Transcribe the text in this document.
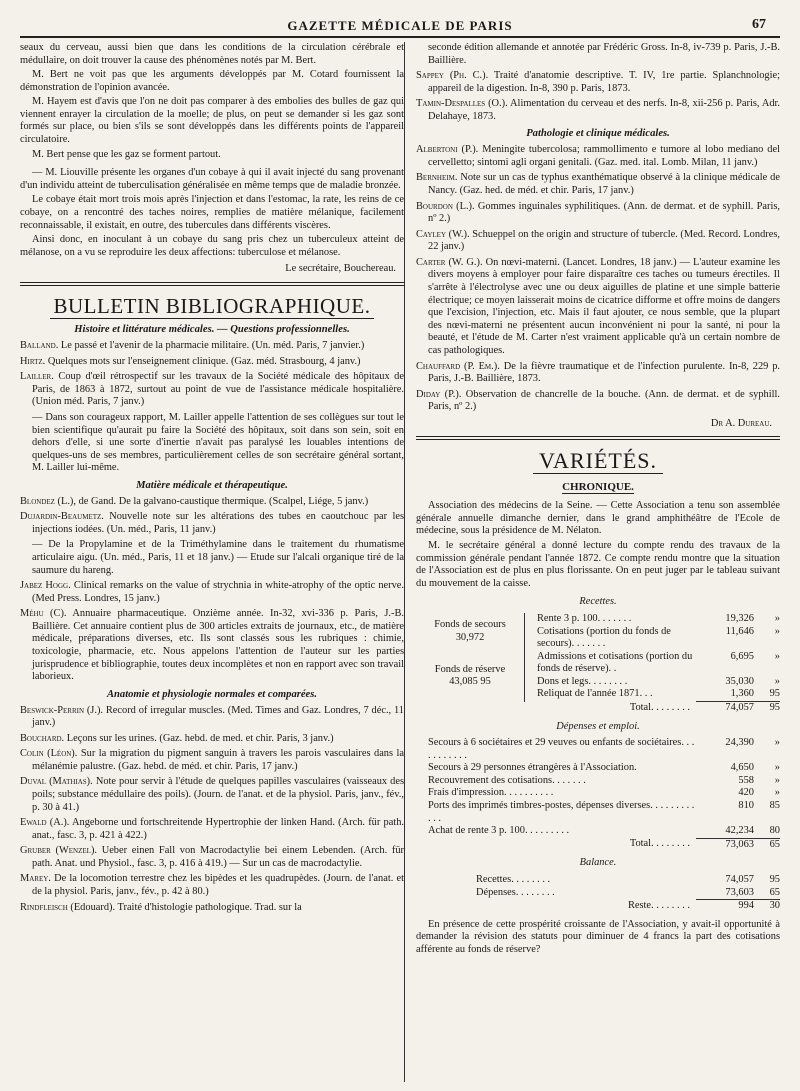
GAZETTE MÉDICALE DE PARIS	67

seaux du cerveau, aussi bien que dans les conditions de la circulation cérébrale et médullaire, on doit trouver la cause des phénomènes notés par M. Bert.

M. Bert ne voit pas que les arguments développés par M. Cotard fournissent la démonstration de l'opinion avancée.

M. Hayem est d'avis que l'on ne doit pas comparer à des embolies des bulles de gaz qui viennent enrayer la circulation de la moelle; de plus, on peut se demander si les gaz sont formés sur place, ou bien s'ils se sont développés dans les différents points de l'appareil circulatoire.

M. Bert pense que les gaz se forment partout.

— M. Liouville présente les organes d'un cobaye à qui il avait injecté du sang provenant d'un individu atteint de tuberculisation généralisée en même temps que de maladie bronzée.

Le cobaye était mort trois mois après l'injection et dans l'estomac, la rate, les reins de ce cobaye, on a rencontré des taches noires, remplies de matière mélanique, facilement reconnaissable, il existait, en outre, des tubercules dans différents viscères.

Ainsi donc, en inoculant à un cobaye du sang pris chez un tuberculeux atteint de mélanose, on a vu se reproduire les deux affections: tuberculose et mélanose.

Le secrétaire, Bouchereau.
BULLETIN BIBLIOGRAPHIQUE.
Histoire et littérature médicales. — Questions professionnelles.
Balland. Le passé et l'avenir de la pharmacie militaire. (Un. méd. Paris, 7 janvier.)
Hirtz. Quelques mots sur l'enseignement clinique. (Gaz. méd. Strasbourg, 4 janv.)
Lailler. Coup d'œil rétrospectif sur les travaux de la Société médicale des hôpitaux de Paris, de 1863 à 1872, surtout au point de vue de l'assistance médicale hospitalière. (Union méd. Paris, 7 janv.)
— Dans son courageux rapport, M. Lailler appelle l'attention de ses collègues sur tout le bien scientifique qu'aurait pu faire la Société des hôpitaux, soit dans son sein, soit en dehors d'elle, si une sorte d'inertie n'avait pas paralysé les louables intentions de quelques-uns de ses membres, particulièrement celles de son secrétaire général sortant, M. Lailler lui-même.
Matière médicale et thérapeutique.
Blondez (L.), de Gand. De la galvano-caustique thermique. (Scalpel, Liége, 5 janv.)
Dujardin-Beaumetz. Nouvelle note sur les altérations des tubes en caoutchouc par les injections iodées. (Un. méd., Paris, 11 janv.)
— De la Propylamine et de la Triméthylamine dans le traitement du rhumatisme articulaire aigu. (Un. méd., Paris, 11 et 18 janv.) — Etude sur l'alcali organique tiré de la saumure du hareng.
Jabez Hogg. Clinical remarks on the value of strychnia in white-atrophy of the optic nerve. (Med Press. Londres, 15 janv.)
Méhu (C). Annuaire pharmaceutique. Onzième année. In-32, xvi-336 p. Paris, J.-B. Baillière. Cet annuaire contient plus de 300 articles extraits de journaux, etc., de matière médicale, préparations diverses, etc. Ils sont classés sous les rubriques : chimie, toxicologie, pharmacie, etc. Nous appelons l'attention de l'auteur sur les parties jurisprudence et bibliographie, toutes deux incomplètes et non en rapport avec son travail laborieux.
Anatomie et physiologie normales et comparées.
Beswick-Perrin (J.). Record of irregular muscles. (Med. Times and Gaz. Londres, 7 déc., 11 janv.)
Bouchard. Leçons sur les urines. (Gaz. hebd. de med. et chir. Paris, 3 janv.)
Colin (Léon). Sur la migration du pigment sanguin à travers les parois vasculaires dans la mélanémie palustre. (Gaz. hebd. de méd. et chir. Paris, 17 janv.)
Duval (Mathias). Note pour servir à l'étude de quelques papilles vasculaires (vaisseaux des poils; substance médullaire des poils). (Journ. de l'anat. et de la physiol. Paris, janv., fév., p. 30 à 41.)
Ewald (A.). Angeborne und fortschreitende Hypertrophie der linken Hand. (Arch. für path. anat., fasc. 3, p. 421 à 422.)
Gruber (Wenzel). Ueber einen Fall von Macrodactylie bei einem Lebenden. (Arch. für path. Anat. und Physiol., fasc. 3, p. 416 à 419.) — Sur un cas de macrodactylie.
Marey. De la locomotion terrestre chez les bipèdes et les quadrupèdes. (Journ. de l'anat. et de la physiol. Paris, janv., fév., p. 42 à 80.)
Rindfleisch (Edouard). Traité d'histologie pathologique. Trad. sur la
seconde édition allemande et annotée par Frédéric Gross. In-8, iv-739 p. Paris, J.-B. Baillière.
Sappey (Ph. C.). Traité d'anatomie descriptive. T. IV, 1re partie. Splanchnologie; appareil de la digestion. In-8, 390 p. Paris, 1873.
Tamin-Despalles (O.). Alimentation du cerveau et des nerfs. In-8, xii-256 p. Paris, Adr. Delahaye, 1873.
Pathologie et clinique médicales.
Albertoni (P.). Meningite tubercolosa; rammollimento e tumore al lobo mediano del cervelletto; sintomi agli organi genitali. (Gaz. med. ital. Lomb. Milan, 11 janv.)
Bernheim. Note sur un cas de typhus exanthématique observé à la clinique médicale de Nancy. (Gaz. hed. de méd. et chir. Paris, 17 janv.)
Bourdon (L.). Gommes inguinales syphilitiques. (Ann. de dermat. et de syphill. Paris, nº 2.)
Cayley (W.). Schueppel on the origin and structure of tubercle. (Med. Record. Londres, 22 janv.)
Carter (W. G.). On nœvi-materni. (Lancet. Londres, 18 janv.) — L'auteur examine les divers moyens à employer pour faire disparaître ces taches ou tumeurs érectiles. Il s'arrête à l'électrolyse avec une ou deux aiguilles de platine et une simple batterie électrique; ce moyen laisserait moins de cicatrice difforme et offre moins de dangers que l'excision, l'injection, etc. Mais il faut ajouter, ce nous semble, que la plupart des nœvi-materni ne présentent aucun inconvénient ni pour la santé, ni pour la beauté, et l'étude de M. Carter n'est vraiment applicable qu'à un certain nombre de cas pathologiques.
Chauffard (P. Em.). De la fièvre traumatique et de l'infection purulente. In-8, 229 p. Paris, J.-B. Baillière, 1873.
Diday (P.). Observation de chancrelle de la bouche. (Ann. de dermat. et de syphill. Paris, nº 2.)
Dr A. Dureau.
VARIÉTÉS.
CHRONIQUE.

Association des médecins de la Seine. — Cette Association a tenu son assemblée générale annuelle dimanche dernier, dans le grand amphithéâtre de l'Ecole de médecine, sous la présidence de M. Nélaton.

M. le secrétaire général a donné lecture du compte rendu des travaux de la commission générale pendant l'année 1872. Ce compte rendu montre que la situation de l'Association est de plus en plus florissante. On en peut juger par le tableau suivant du mouvement de la caisse.

Recettes.
Fonds de secours
30,972		Rente 3 p. 100. . . . . . .	19,326	»
		Cotisations (portion du fonds de secours). . . . . . .	11,646	»
Fonds de réserve
43,085 95		Admissions et cotisations (portion du fonds de réserve). .	6,695	»
		Dons et legs. . . . . . . .	35,030	»
		Reliquat de l'année 1871. . .	1,360	95
		Total. . . . . . . .	74,057	95
Dépenses et emploi.
Secours à 6 sociétaires et 29 veuves ou enfants de sociétaires. . . . . . . . . . .	24,390	»
Secours à 29 personnes étrangères à l'Association.	4,650	»
Recouvrement des cotisations. . . . . . .	558	»
Frais d'impression. . . . . . . . . .	420	»
Ports des imprimés timbres-postes, dépenses diverses. . . . . . . . . . . .	810	85
Achat de rente 3 p. 100. . . . . . . . .	42,234	80
Total. . . . . . . .	73,063	65
Balance.
Recettes. . . . . . . .	74,057	95
Dépenses. . . . . . . .	73,603	65
Reste. . . . . . . .	994	30

En présence de cette prospérité croissante de l'Association, y avait-il opportunité à demander la révision des statuts pour diminuer de 4 francs la part des cotisations afférente au fonds de réserve?
